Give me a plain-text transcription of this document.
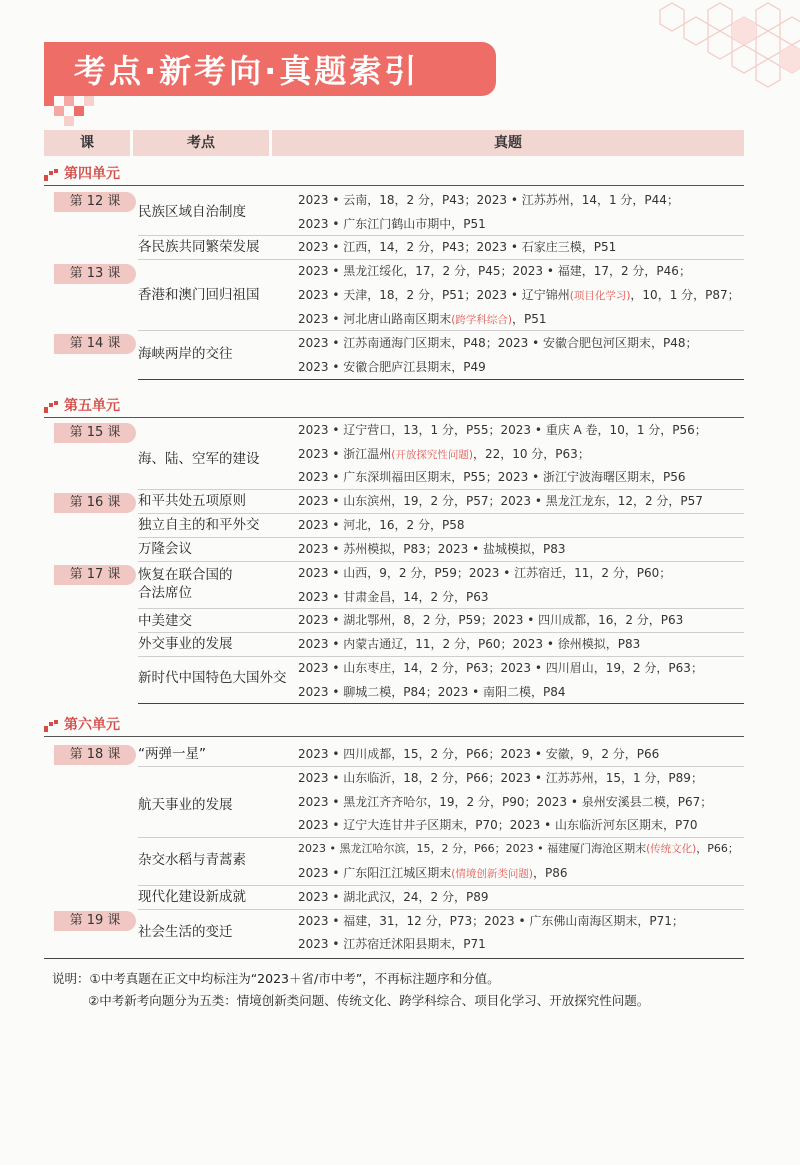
考点·新考向·真题索引
课	考点	真题
第四单元
第五单元
第六单元
第 12 课
第 13 课
第 14 课
第 15 课
第 16 课
第 17 课
第 18 课
第 19 课
民族区域自治制度
各民族共同繁荣发展
香港和澳门回归祖国
海峡两岸的交往
海、陆、空军的建设
和平共处五项原则
独立自主的和平外交
万隆会议
恢复在联合国的
合法席位
中美建交
外交事业的发展
新时代中国特色大国外交
“两弹一星”
航天事业的发展
杂交水稻与青蒿素
现代化建设新成就
社会生活的变迁
2023 • 云南，18，2 分，P43；2023 • 江苏苏州，14，1 分，P44；
2023 • 广东江门鹤山市期中，P51
2023 • 江西，14，2 分，P43；2023 • 石家庄三模，P51
2023 • 黑龙江绥化，17，2 分，P45；2023 • 福建，17，2 分，P46；
2023 • 天津，18，2 分，P51；2023 • 辽宁锦州(项目化学习)，10，1 分，P87；
2023 • 河北唐山路南区期末(跨学科综合)，P51
2023 • 江苏南通海门区期末，P48；2023 • 安徽合肥包河区期末，P48；
2023 • 安徽合肥庐江县期末，P49
2023 • 辽宁营口，13，1 分，P55；2023 • 重庆 A 卷，10，1 分，P56；
2023 • 浙江温州(开放探究性问题)，22，10 分，P63；
2023 • 广东深圳福田区期末，P55；2023 • 浙江宁波海曙区期末，P56
2023 • 山东滨州，19，2 分，P57；2023 • 黑龙江龙东，12，2 分，P57
2023 • 河北，16，2 分，P58
2023 • 苏州模拟，P83；2023 • 盐城模拟，P83
2023 • 山西，9，2 分，P59；2023 • 江苏宿迁，11，2 分，P60；
2023 • 甘肃金昌，14，2 分，P63
2023 • 湖北鄂州，8，2 分，P59；2023 • 四川成都，16，2 分，P63
2023 • 内蒙古通辽，11，2 分，P60；2023 • 徐州模拟，P83
2023 • 山东枣庄，14，2 分，P63；2023 • 四川眉山，19，2 分，P63；
2023 • 聊城二模，P84；2023 • 南阳二模，P84
2023 • 四川成都，15，2 分，P66；2023 • 安徽，9，2 分，P66
2023 • 山东临沂，18，2 分，P66；2023 • 江苏苏州，15，1 分，P89；
2023 • 黑龙江齐齐哈尔，19，2 分，P90；2023 • 泉州安溪县二模，P67；
2023 • 辽宁大连甘井子区期末，P70；2023 • 山东临沂河东区期末，P70
2023 • 黑龙江哈尔滨，15，2 分，P66；2023 • 福建厦门海沧区期末(传统文化)，P66；
2023 • 广东阳江江城区期末(情境创新类问题)，P86
2023 • 湖北武汉，24，2 分，P89
2023 • 福建，31，12 分，P73；2023 • 广东佛山南海区期末，P71；
2023 • 江苏宿迁沭阳县期末，P71
说明：①中考真题在正文中均标注为“2023＋省/市中考”，不再标注题序和分值。
②中考新考向题分为五类：情境创新类问题、传统文化、跨学科综合、项目化学习、开放探究性问题。
